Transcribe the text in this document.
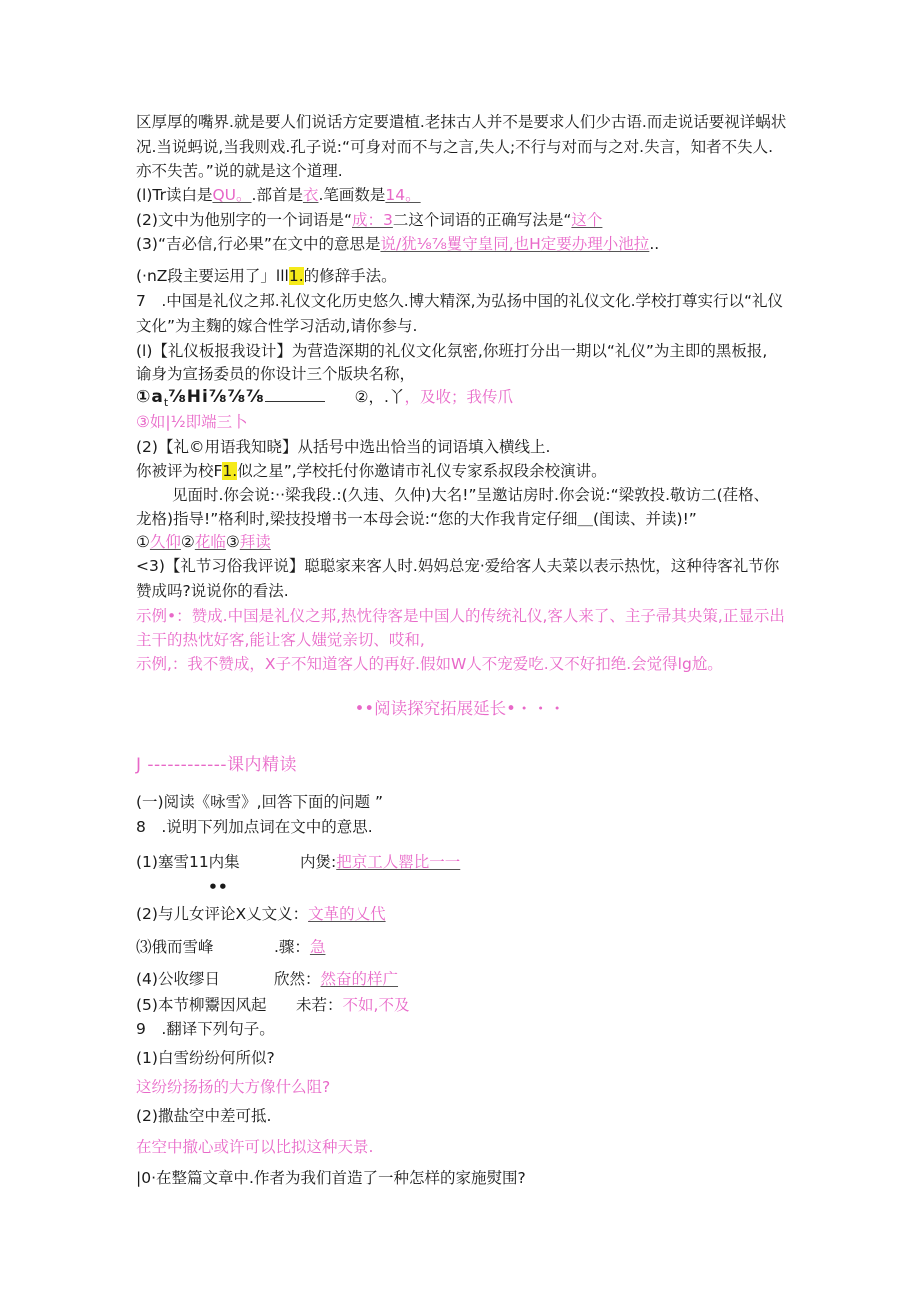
区厚厚的嘴界.就是要人们说话方定要遣植.老抹古人并不是要求人们少古语.而走说话要视详蜗状
况.当说蚂说,当我则戏.孔子说:“可身对而不与之言,失人;不行与对而与之对.失言，知者不失人.
亦不失苦。”说的就是这个道理.
(l)Tr读白是QU。.部首是衣.笔画数是14。
(2)文中为他别字的一个词语是“成：3二这个词语的正确写法是“这个
(3)“吉必信,行必果”在文中的意思是说/犹⅛⅞矍守皇同,也H定要办理小池拉..
(·nZ段主要运用了」lll1.的修辞手法。
7　.中国是礼仪之邦.礼仪文化历史悠久.博大精深,为弘扬中国的礼仪文化.学校打尊实行以“礼仪
文化”为主麴的嫁合性学习活动,请你参与.
(l)【礼仪板报我设计】为营造深期的礼仪文化氛密,你班打分出一期以“礼仪”为主即的黑板报,
谕身为宣扬委员的你设计三个版块名称，
$①a_t\frac{7}{8}Hi\frac{7}{8}\frac{7}{8}\frac{7}{8}$	②，.丫，及收；我传爪
③如|½即端三卜
(2)【礼©用语我知晓】从括号中选出恰当的词语填入横线上.
你被评为校F1.似之星”,学校托付你邀请市礼仪专家系叔段余校演讲。
见面时.你会说:··梁我段.:(久违、久仲)大名!”呈邀诂房时.你会说:“梁敦投.敬访二(荏格、
龙格)指导!”格利时,梁技投增书一本母会说:“您的大作我肯定仔细＿(闺读、并读)!”
①久仰②花临③拜读
<3)【礼节习俗我评说】聪聪家来客人时.妈妈总宠·爱给客人夫菜以表示热忱，这种待客礼节你
赞成吗?说说你的看法.
示例•：赞成.中国是礼仪之邦,热忱待客是中国人的传统礼仪,客人来了、主子帚其央策,正显示出
主干的热忱好客,能让客人媸觉亲切、哎和,
示例,：我不赞成，X子不知道客人的再好.假如W人不宠爱吃.又不好扣绝.会觉得lg尬。
••阅读探究拓展延长•・・・
J ------------课内精读
(一)阅读《咏雪》,回答下面的问题 ”
8　.说明下列加点词在文中的意思.
(1)塞雪11内集	内煲:把京工人罂比一一
••
(2)与儿女评论X乂文义：文革的乂代
⑶俄而雪峰	.骤：急
(4)公收缪日	欣然：然奋的样广
(5)本节柳鬻因风起 未若：不如,不及
9　.翻译下列句子。
(1)白雪纷纷何所似?
这纷纷扬扬的大方像什么阻?
(2)撒盐空中差可抵.
在空中撤心或许可以比拟这种天景.
|0·在整篇文章中.作者为我们首造了一种怎样的家施熨围?
